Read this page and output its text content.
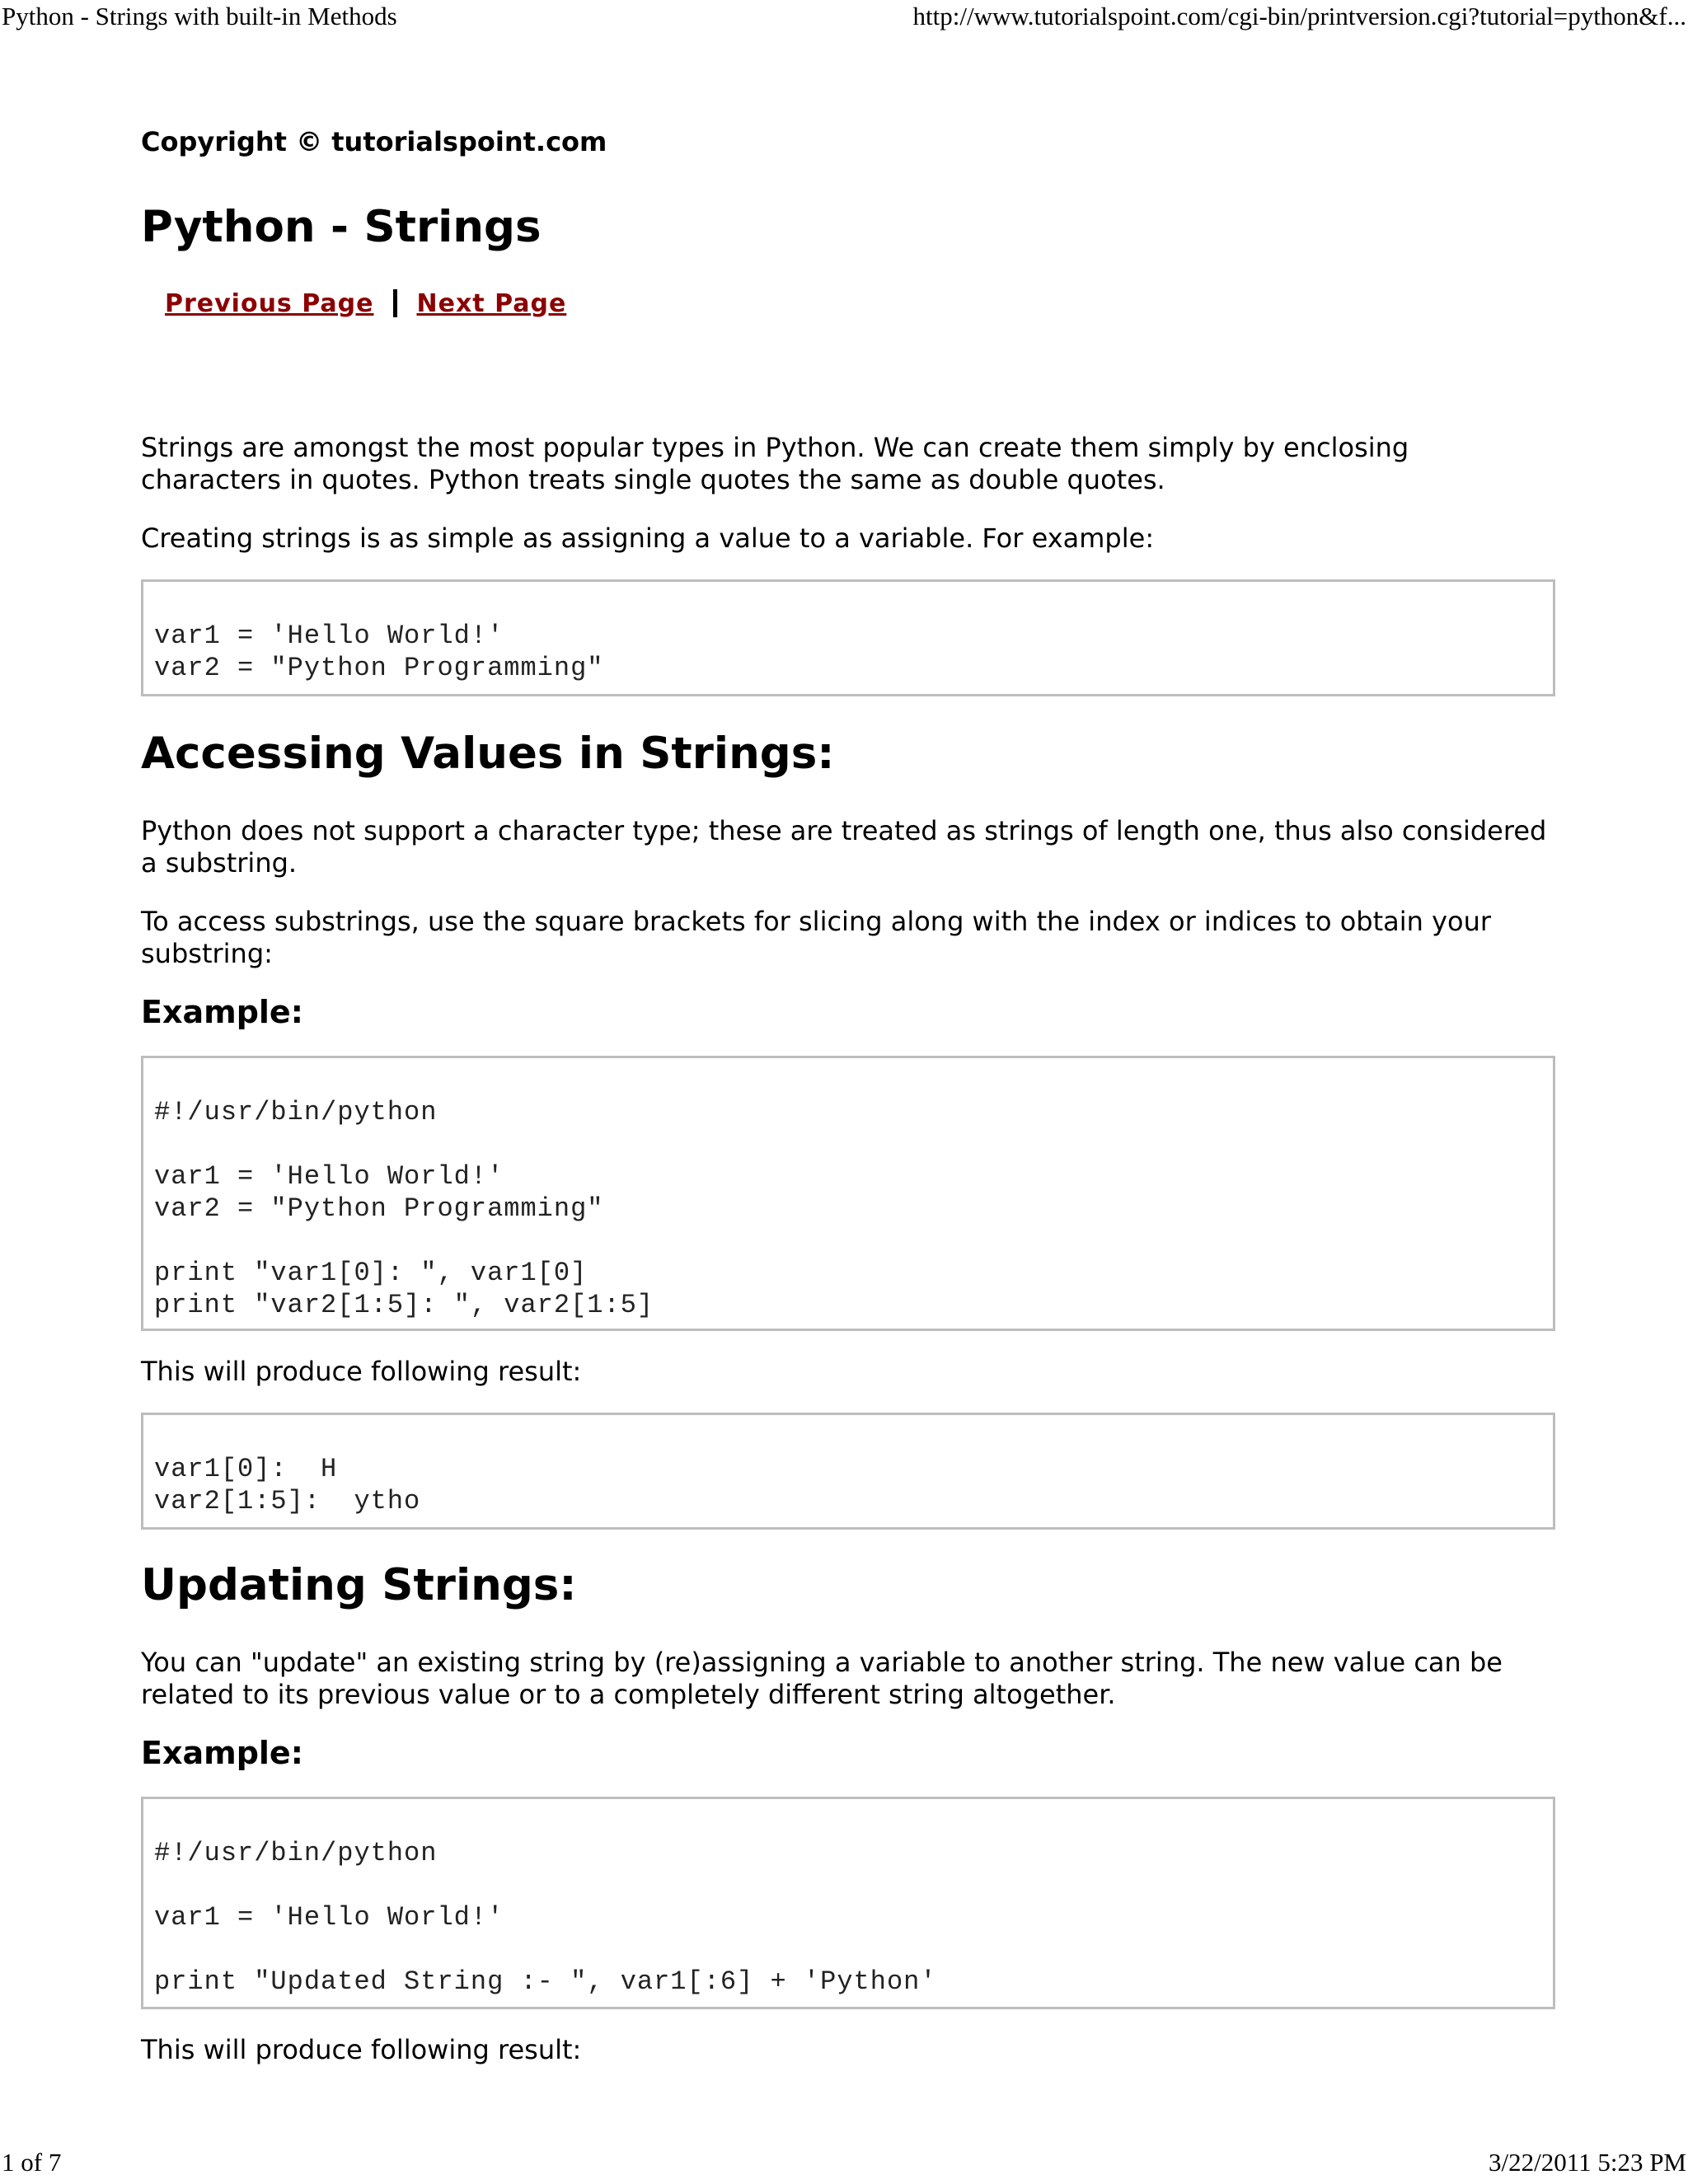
Python - Strings with built-in Methods	http://www.tutorialspoint.com/cgi-bin/printversion.cgi?tutorial=python&f...

Copyright © tutorialspoint.com

Python - Strings
Previous Page Next Page

Strings are amongst the most popular types in Python. We can create them simply by enclosing characters in quotes. Python treats single quotes the same as double quotes.

Creating strings is as simple as assigning a value to a variable. For example:

var1 = 'Hello World!'
var2 = "Python Programming"
Accessing Values in Strings:

Python does not support a character type; these are treated as strings of length one, thus also considered a substring.

To access substrings, use the square brackets for slicing along with the index or indices to obtain your substring:

Example:
#!/usr/bin/python

var1 = 'Hello World!'
var2 = "Python Programming"

print "var1[0]: ", var1[0]
print "var2[1:5]: ", var2[1:5]

This will produce following result:

var1[0]:  H
var2[1:5]:  ytho
Updating Strings:

You can "update" an existing string by (re)assigning a variable to another string. The new value can be related to its previous value or to a completely different string altogether.

Example:
#!/usr/bin/python

var1 = 'Hello World!'

print "Updated String :- ", var1[:6] + 'Python'

This will produce following result:

1 of 7	3/22/2011 5:23 PM
